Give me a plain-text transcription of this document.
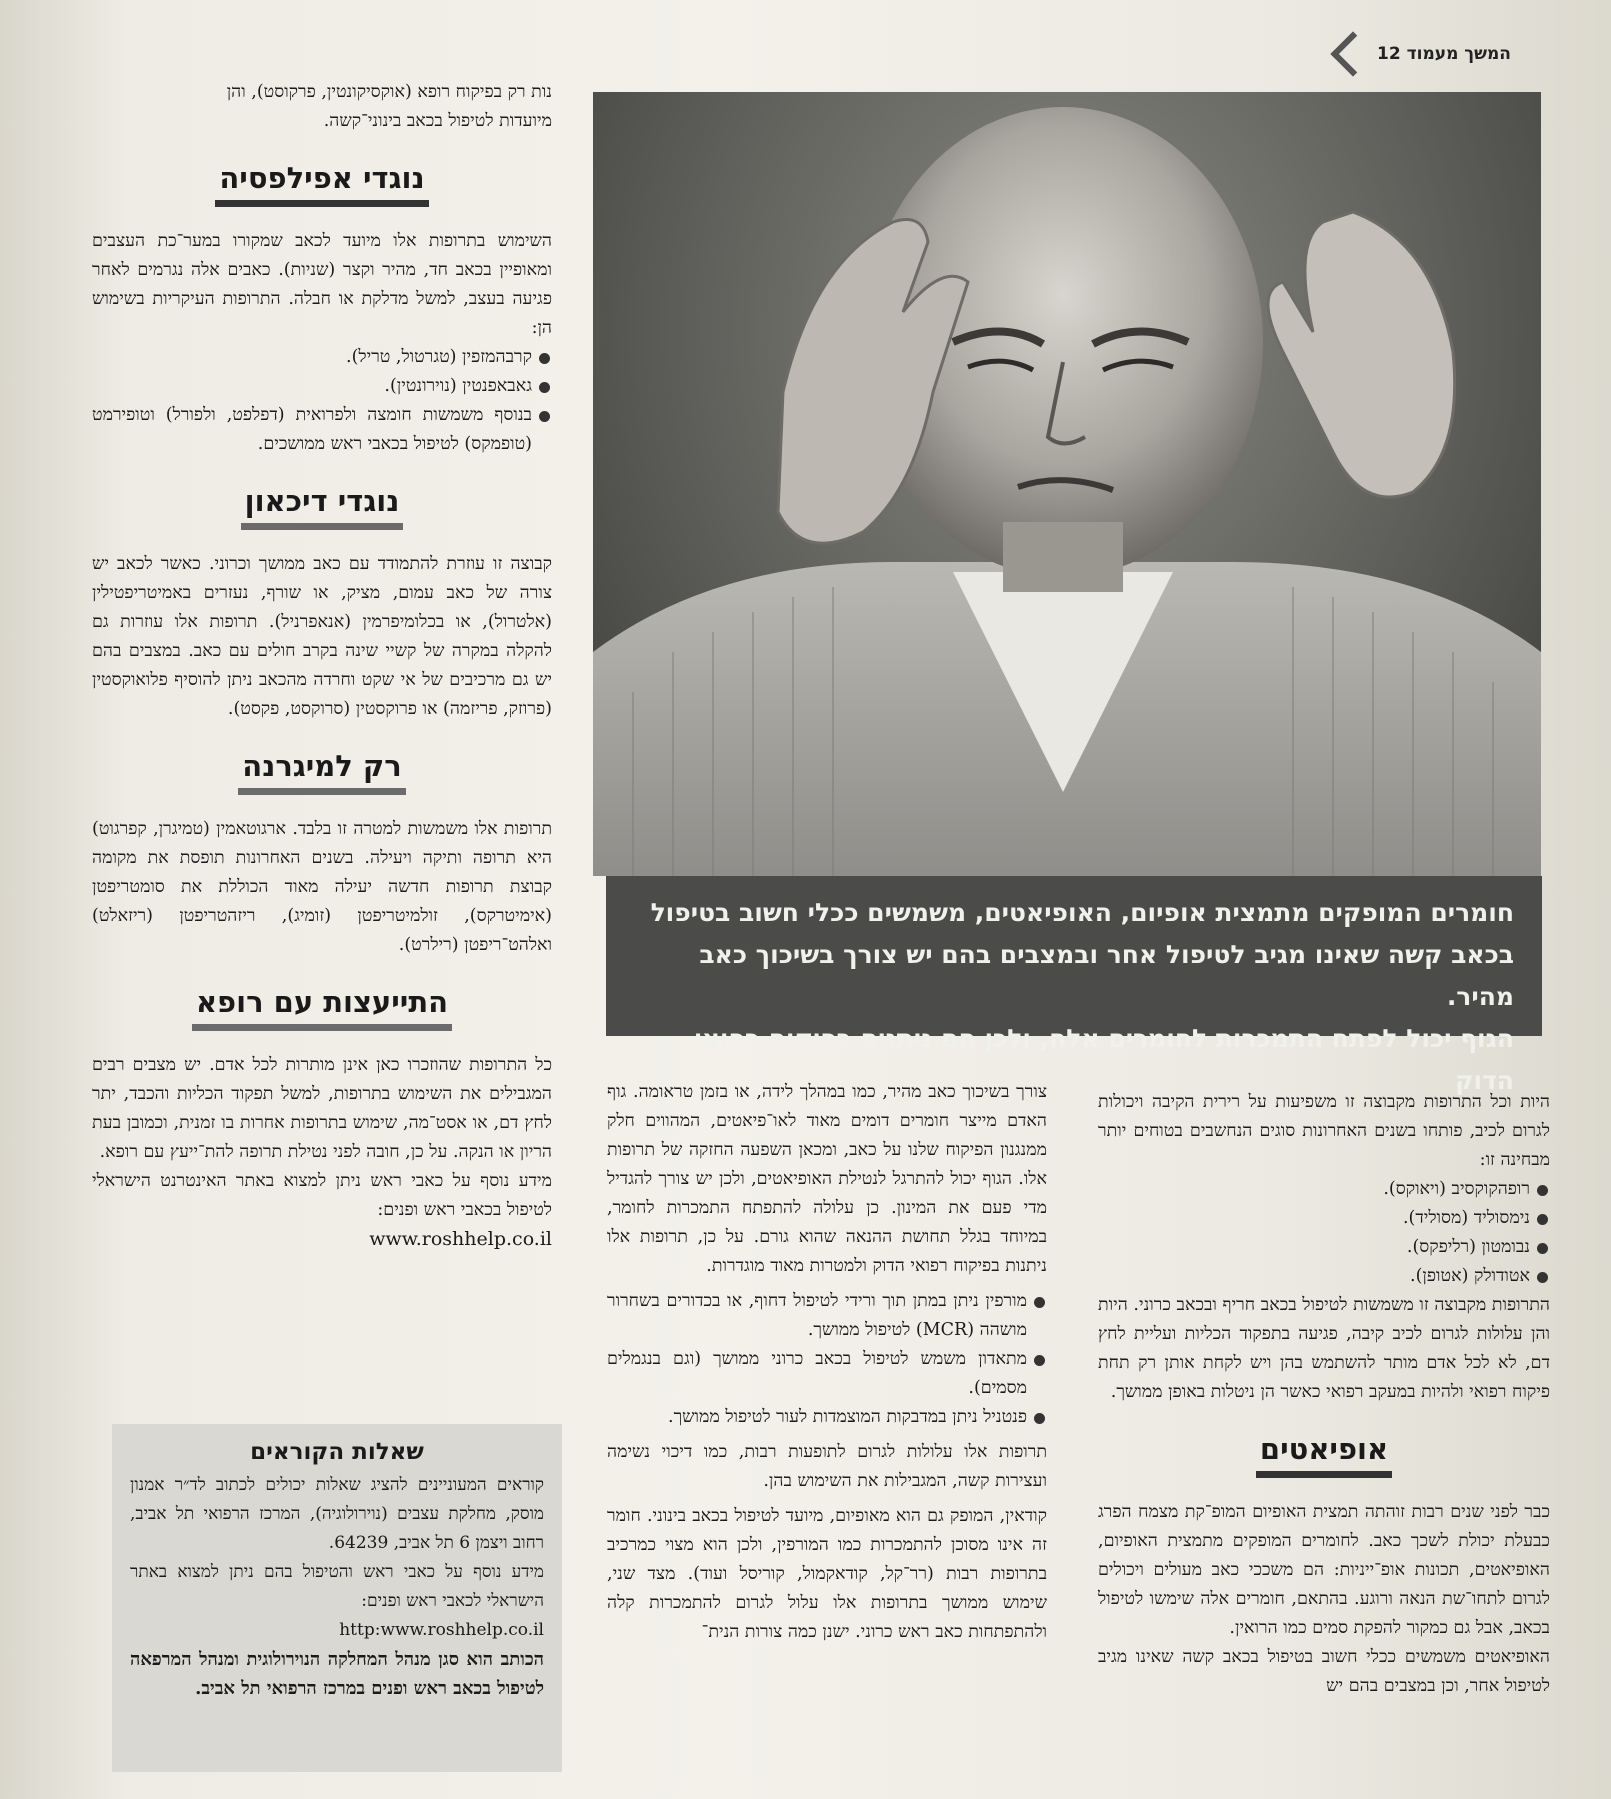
המשך מעמוד 12
חומרים המופקים מתמצית אופיום, האופיאטים, משמשים ככלי חשוב בטיפול
בכאב קשה שאינו מגיב לטיפול אחר ובמצבים בהם יש צורך בשיכוך כאב מהיר.
הגוף יכול לפתח התמכרות לחומרים אלה, ולכן הם ניתנים בפיקוח רפואי הדוק

נות רק בפיקוח רופא (אוקסיקונטין, פרקוסט), והן

מיועדות לטיפול בכאב בינוני־קשה.

נוגדי אפילפסיה

השימוש בתרופות אלו מיועד לכאב שמקורו במער־כת העצבים ומאופיין בכאב חד, מהיר וקצר (שניות). כאבים אלה נגרמים לאחר פגיעה בעצב, למשל מדלקת או חבלה. התרופות העיקריות בשימוש הן:

קרבהמזפין (טגרטול, טריל).
גאבאפנטין (נוירונטין).
בנוסף משמשות חומצה ולפרואית (דפלפט, ולפורל) וטופירמט (טופמקס) לטיפול בכאבי ראש ממושכים.
נוגדי דיכאון

קבוצה זו עוזרת להתמודד עם כאב ממושך וכרוני. כאשר לכאב יש צורה של כאב עמום, מציק, או שורף, נעזרים באמיטריפטילין (אלטרול), או בכלומיפרמין (אנאפרניל). תרופות אלו עוזרות גם להקלה במקרה של קשיי שינה בקרב חולים עם כאב. במצבים בהם יש גם מרכיבים של אי שקט וחרדה מהכאב ניתן להוסיף פלואוקסטין (פרוזק, פריזמה) או פרוקסטין (סרוקסט, פקסט).

רק למיגרנה

תרופות אלו משמשות למטרה זו בלבד. ארגוטאמין (טמיגרן, קפרגוט) היא תרופה ותיקה ויעילה. בשנים האחרונות תופסת את מקומה קבוצת תרופות חדשה יעילה מאוד הכוללת את סומטריפטן (אימיטרקס), זולמיטריפטן (זומיג), ריזהטריפטן (ריזאלט) ואלהט־ריפטן (רילרט).

התייעצות עם רופא

כל התרופות שהוזכרו כאן אינן מותרות לכל אדם. יש מצבים רבים המגבילים את השימוש בתרופות, למשל תפקוד הכליות והכבד, יתר לחץ דם, או אסט־מה, שימוש בתרופות אחרות בו זמנית, וכמובן בעת הריון או הנקה. על כן, חובה לפני נטילת תרופה להת־ייעץ עם רופא.

מידע נוסף על כאבי ראש ניתן למצוא באתר האינטרנט הישראלי לטיפול בכאבי ראש ופנים:

www.roshhelp.co.il

שאלות הקוראים

קוראים המעוניינים להציג שאלות יכולים לכתוב לד״ר אמנון מוסק, מחלקת עצבים (נוירולוגיה), המרכז הרפואי תל אביב, רחוב ויצמן 6 תל אביב, 64239.

מידע נוסף על כאבי ראש והטיפול בהם ניתן למצוא באתר הישראלי לכאבי ראש ופנים:

http:www.roshhelp.co.il

הכותב הוא סגן מנהל המחלקה הנוירולוגית ומנהל המרפאה לטיפול בכאב ראש ופנים במרכז הרפואי תל אביב.

צורך בשיכוך כאב מהיר, כמו במהלך לידה, או בזמן טראומה. גוף האדם מייצר חומרים דומים מאוד לאו־פיאטים, המהווים חלק ממנגנון הפיקוח שלנו על כאב, ומכאן השפעה החזקה של תרופות אלו. הגוף יכול להתרגל לנטילת האופיאטים, ולכן יש צורך להגדיל מדי פעם את המינון. כן עלולה להתפתח התמכרות לחומר, במיוחד בגלל תחושת ההנאה שהוא גורם. על כן, תרופות אלו ניתנות בפיקוח רפואי הדוק ולמטרות מאוד מוגדרות.

מורפין ניתן במתן תוך ורידי לטיפול דחוף, או בכדורים בשחרור מושהה (MCR) לטיפול ממושך.
מתאדון משמש לטיפול בכאב כרוני ממושך (וגם בנגמלים מסמים).
פנטניל ניתן במדבקות המוצמדות לעור לטיפול ממושך.

תרופות אלו עלולות לגרום לתופעות רבות, כמו דיכוי נשימה ועצירות קשה, המגבילות את השימוש בהן.

קודאין, המופק גם הוא מאופיום, מיועד לטיפול בכאב בינוני. חומר זה אינו מסוכן להתמכרות כמו המורפין, ולכן הוא מצוי כמרכיב בתרופות רבות (רר־קל, קודאקמול, קוריסל ועוד). מצד שני, שימוש ממושך בתרופות אלו עלול לגרום להתמכרות קלה ולהתפתחות כאב ראש כרוני. ישנן כמה צורות הנית־

היות וכל התרופות מקבוצה זו משפיעות על רירית הקיבה ויכולות לגרום לכיב, פותחו בשנים האחרונות סוגים הנחשבים בטוחים יותר מבחינה זו:

רופהקוקסיב (ויאוקס).
נימסוליד (מסוליד).
נבומטון (רליפקס).
אטודולק (אטופן).

התרופות מקבוצה זו משמשות לטיפול בכאב חריף ובכאב כרוני. היות והן עלולות לגרום לכיב קיבה, פגיעה בתפקוד הכליות ועליית לחץ דם, לא לכל אדם מותר להשתמש בהן ויש לקחת אותן רק תחת פיקוח רפואי ולהיות במעקב רפואי כאשר הן ניטלות באופן ממושך.

אופיאטים

כבר לפני שנים רבות זוהתה תמצית האופיום המופ־קת מצמח הפרג כבעלת יכולת לשכך כאב. לחומרים המופקים מתמצית האופיום, האופיאטים, תכונות אופ־ייניות: הם משככי כאב מעולים ויכולים לגרום לתחו־שת הנאה ורוגע. בהתאם, חומרים אלה שימשו לטיפול בכאב, אבל גם כמקור להפקת סמים כמו הרואין.

האופיאטים משמשים ככלי חשוב בטיפול בכאב קשה שאינו מגיב לטיפול אחר, וכן במצבים בהם יש
